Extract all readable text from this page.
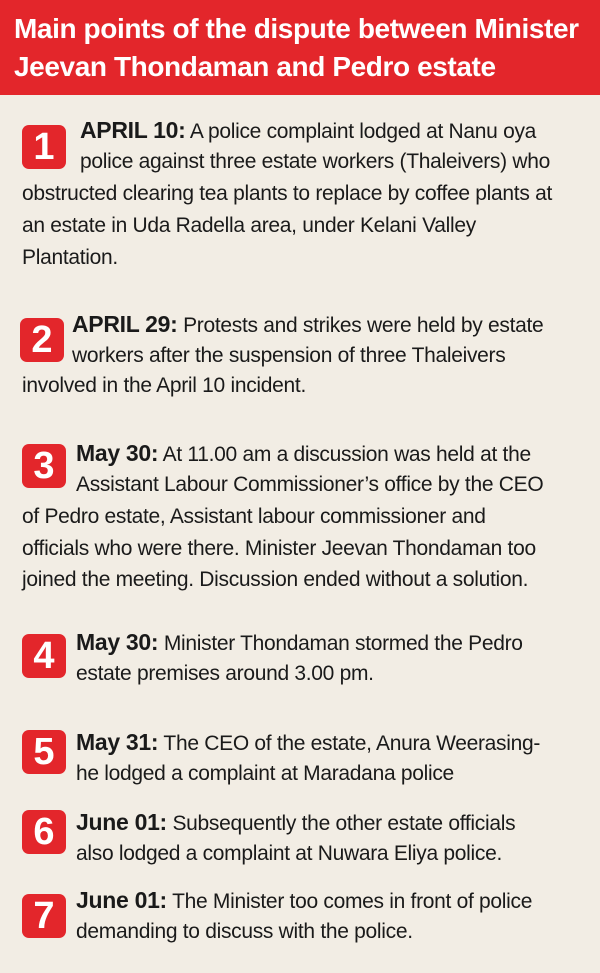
Main points of the dispute between Minister
Jeevan Thondaman and Pedro estate
1	APRIL 10: A police complaint lodged at Nanu oya
police against three estate workers (Thaleivers) who
obstructed clearing tea plants to replace by coffee plants at
an estate in Uda Radella area, under Kelani Valley
Plantation.
2 APRIL 29: Protests and strikes were held by estate
workers after the suspension of three Thaleivers
involved in the April 10 incident.
3 May 30: At 11.00 am a discussion was held at the
Assistant Labour Commissioner’s office by the CEO
of Pedro estate, Assistant labour commissioner and
officials who were there. Minister Jeevan Thondaman too
joined the meeting. Discussion ended without a solution.
4 May 30: Minister Thondaman stormed the Pedro
estate premises around 3.00 pm.
5 May 31: The CEO of the estate, Anura Weerasing-
he lodged a complaint at Maradana police
6 June 01: Subsequently the other estate officials
also lodged a complaint at Nuwara Eliya police.
7 June 01: The Minister too comes in front of police
demanding to discuss with the police.
